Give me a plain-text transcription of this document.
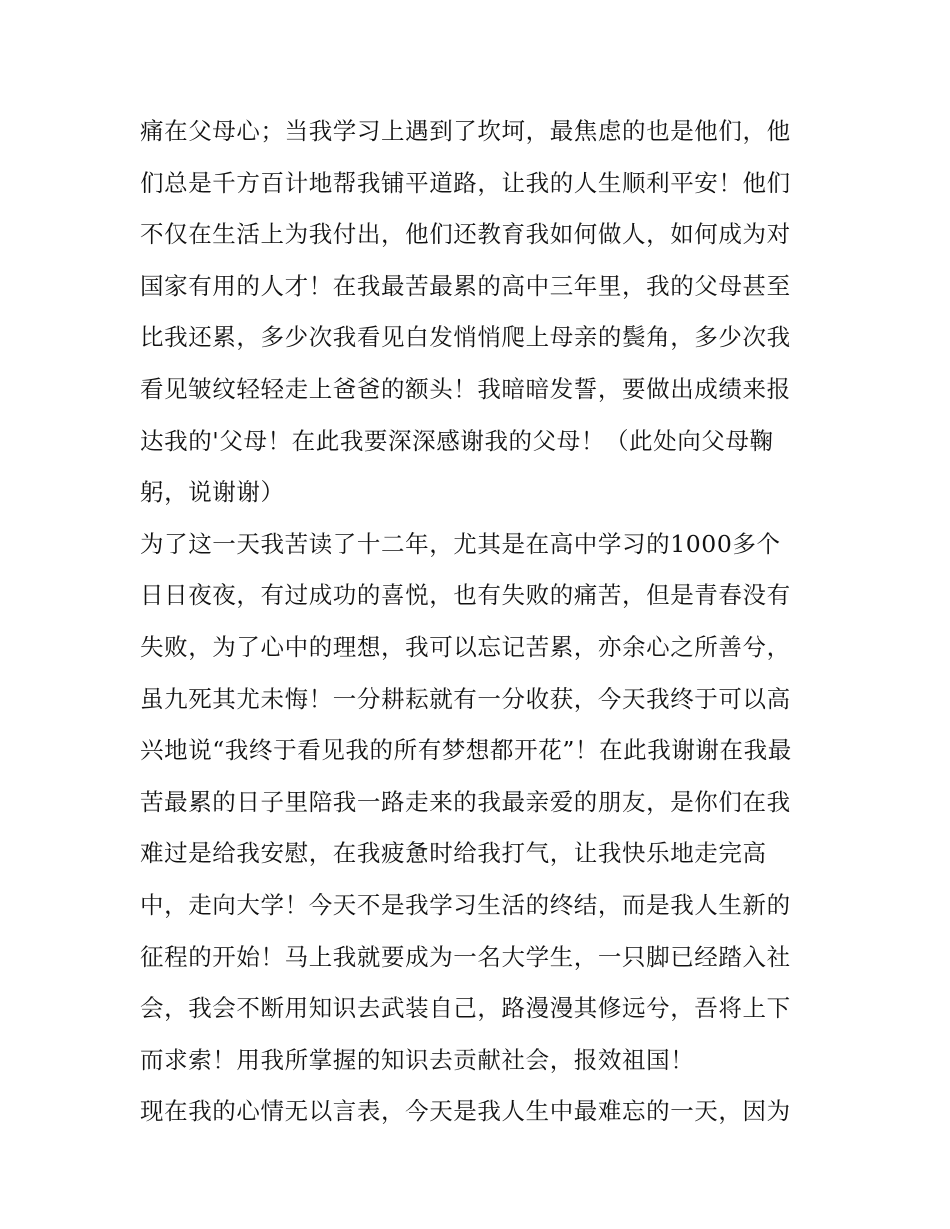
痛在父母心；当我学习上遇到了坎坷，最焦虑的也是他们，他
们总是千方百计地帮我铺平道路，让我的人生顺利平安！他们
不仅在生活上为我付出，他们还教育我如何做人，如何成为对
国家有用的人才！在我最苦最累的高中三年里，我的父母甚至
比我还累，多少次我看见白发悄悄爬上母亲的鬓角，多少次我
看见皱纹轻轻走上爸爸的额头！我暗暗发誓，要做出成绩来报
达我的'父母！在此我要深深感谢我的父母！（此处向父母鞠
躬，说谢谢）
为了这一天我苦读了十二年，尤其是在高中学习的1000多个
日日夜夜，有过成功的喜悦，也有失败的痛苦，但是青春没有
失败，为了心中的理想，我可以忘记苦累，亦余心之所善兮，
虽九死其尤未悔！一分耕耘就有一分收获，今天我终于可以高
兴地说“我终于看见我的所有梦想都开花”！在此我谢谢在我最
苦最累的日子里陪我一路走来的我最亲爱的朋友，是你们在我
难过是给我安慰，在我疲惫时给我打气，让我快乐地走完高
中，走向大学！今天不是我学习生活的终结，而是我人生新的
征程的开始！马上我就要成为一名大学生，一只脚已经踏入社
会，我会不断用知识去武装自己，路漫漫其修远兮，吾将上下
而求索！用我所掌握的知识去贡献社会，报效祖国！
现在我的心情无以言表，今天是我人生中最难忘的一天，因为
